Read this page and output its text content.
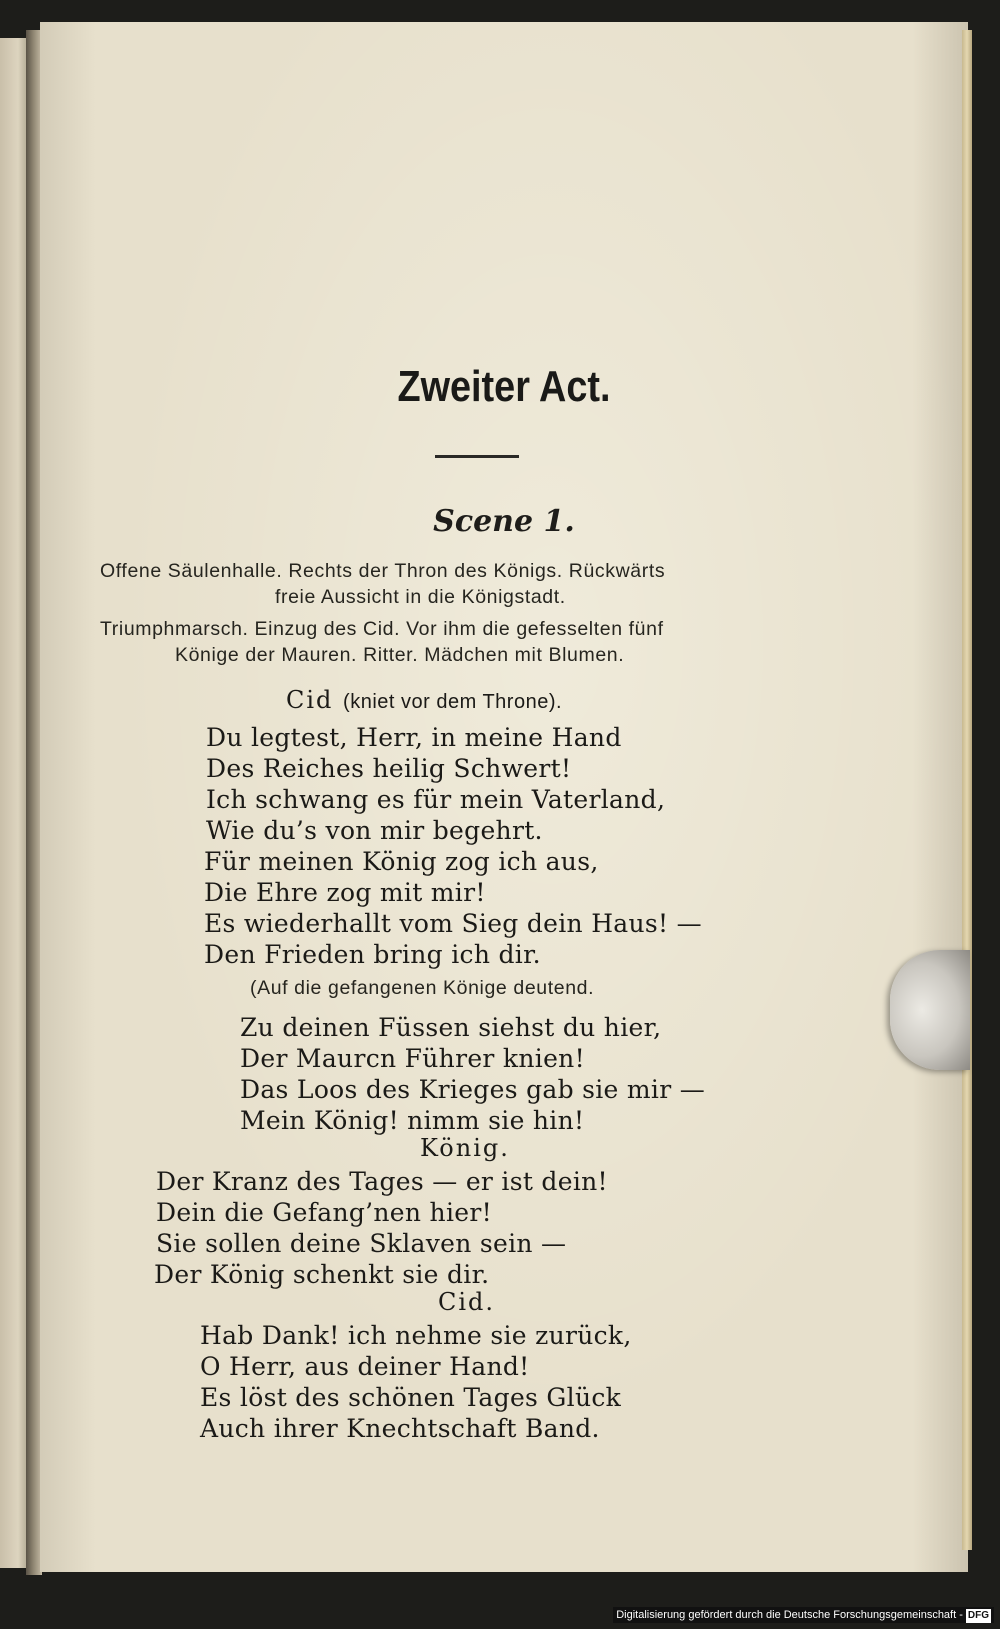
Zweiter Act.
Scene 1.
Offene Säulenhalle. Rechts der Thron des Königs. Rückwärts
freie Aussicht in die Königstadt.
Triumphmarsch. Einzug des Cid. Vor ihm die gefesselten fünf
Könige der Mauren. Ritter. Mädchen mit Blumen.
Cid (kniet vor dem Throne).
Du legtest, Herr, in meine Hand
Des Reiches heilig Schwert!
Ich schwang es für mein Vaterland,
Wie du’s von mir begehrt.
Für meinen König zog ich aus,
Die Ehre zog mit mir!
Es wiederhallt vom Sieg dein Haus! —
Den Frieden bring ich dir.
(Auf die gefangenen Könige deutend.
Zu deinen Füssen siehst du hier,
Der Maurcn Führer knien!
Das Loos des Krieges gab sie mir —
Mein König! nimm sie hin!
König.
Der Kranz des Tages — er ist dein!
Dein die Gefang’nen hier!
Sie sollen deine Sklaven sein —
Der König schenkt sie dir.
Cid.
Hab Dank! ich nehme sie zurück,
O Herr, aus deiner Hand!
Es löst des schönen Tages Glück
Auch ihrer Knechtschaft Band.
Digitalisierung gefördert durch die Deutsche Forschungsgemeinschaft - DFG
